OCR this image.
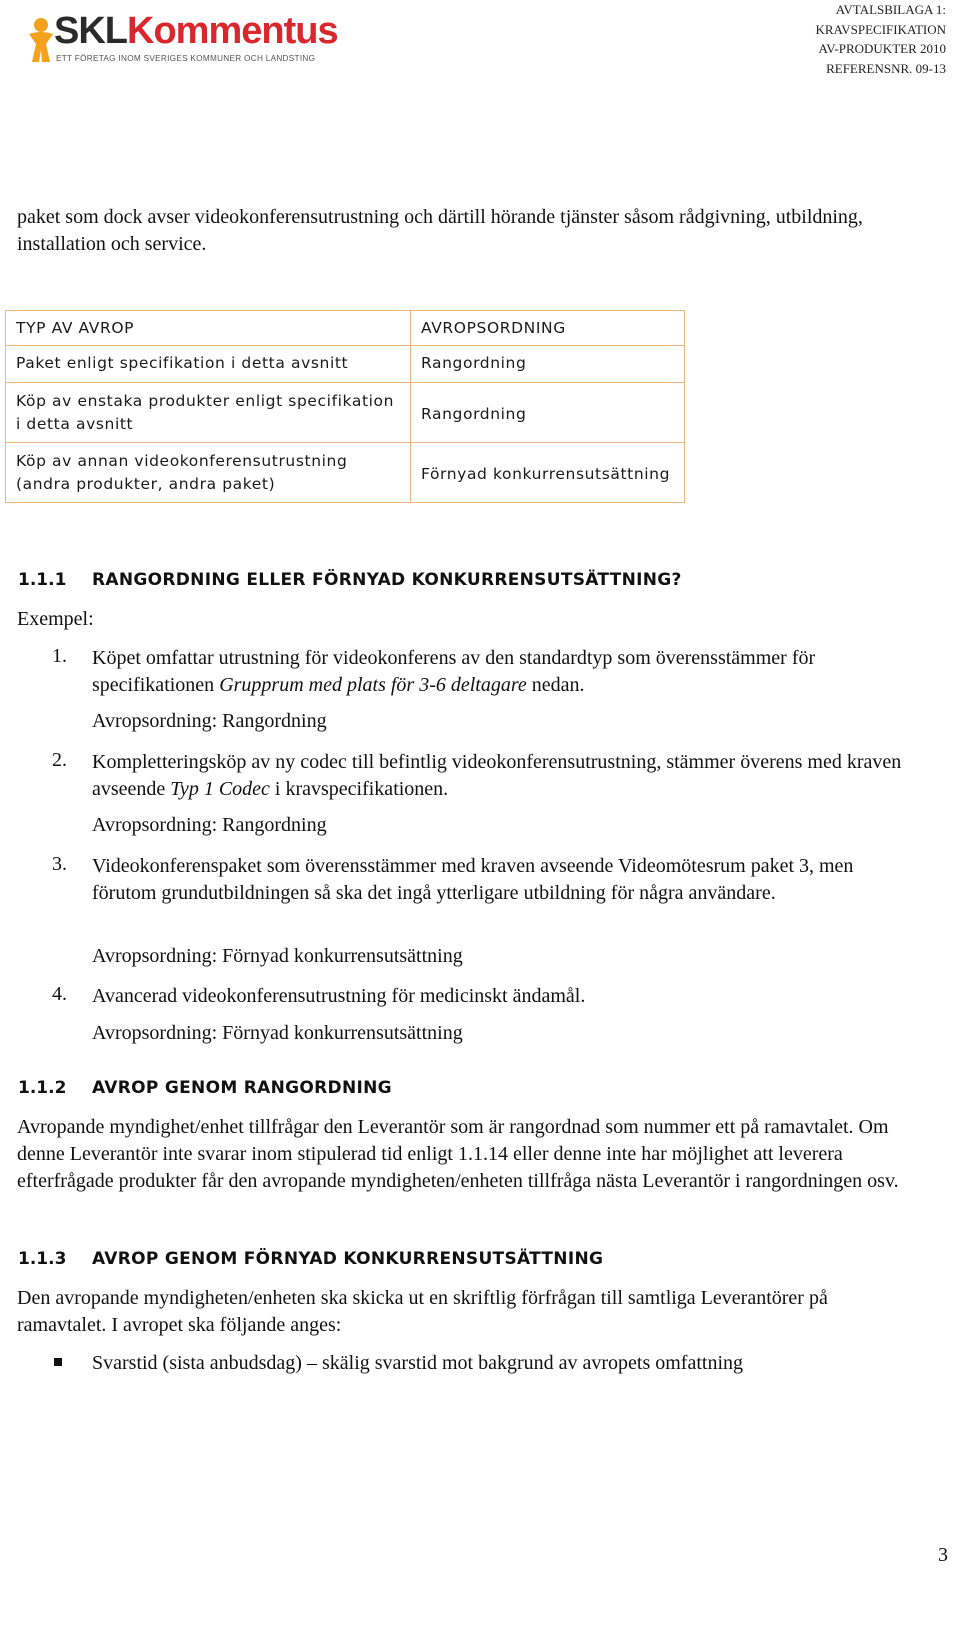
SKLKommentus
ETT FÖRETAG INOM SVERIGES KOMMUNER OCH LANDSTING
AVTALSBILAGA 1:
KRAVSPECIFIKATION
AV-PRODUKTER 2010
REFERENSNR. 09-13
paket som dock avser videokonferensutrustning och därtill hörande tjänster såsom rådgivning, utbildning, installation och service.
TYP AV AVROP	AVROPSORDNING
Paket enligt specifikation i detta avsnitt	Rangordning
Köp av enstaka produkter enligt specifikation i detta avsnitt	Rangordning
Köp av annan videokonferensutrustning (andra produkter, andra paket)	Förnyad konkurrensutsättning
1.1.1 RANGORDNING ELLER FÖRNYAD KONKURRENSUTSÄTTNING?
Exempel:
1. Köpet omfattar utrustning för videokonferens av den standardtyp som överensstämmer för specifikationen Grupprum med plats för 3-6 deltagare nedan.
Avropsordning: Rangordning
2. Kompletteringsköp av ny codec till befintlig videokonferensutrustning, stämmer överens med kraven avseende Typ 1 Codec i kravspecifikationen.
Avropsordning: Rangordning
3. Videokonferenspaket som överensstämmer med kraven avseende Videomötesrum paket 3, men förutom grundutbildningen så ska det ingå ytterligare utbildning för några användare.
Avropsordning: Förnyad konkurrensutsättning
4. Avancerad videokonferensutrustning för medicinskt ändamål.
Avropsordning: Förnyad konkurrensutsättning
1.1.2 AVROP GENOM RANGORDNING
Avropande myndighet/enhet tillfrågar den Leverantör som är rangordnad som nummer ett på ramavtalet. Om denne Leverantör inte svarar inom stipulerad tid enligt 1.1.14 eller denne inte har möjlighet att leverera efterfrågade produkter får den avropande myndigheten/enheten tillfråga nästa Leverantör i rangordningen osv.
1.1.3 AVROP GENOM FÖRNYAD KONKURRENSUTSÄTTNING
Den avropande myndigheten/enheten ska skicka ut en skriftlig förfrågan till samtliga Leverantörer på ramavtalet. I avropet ska följande anges:
Svarstid (sista anbudsdag) – skälig svarstid mot bakgrund av avropets omfattning
3
